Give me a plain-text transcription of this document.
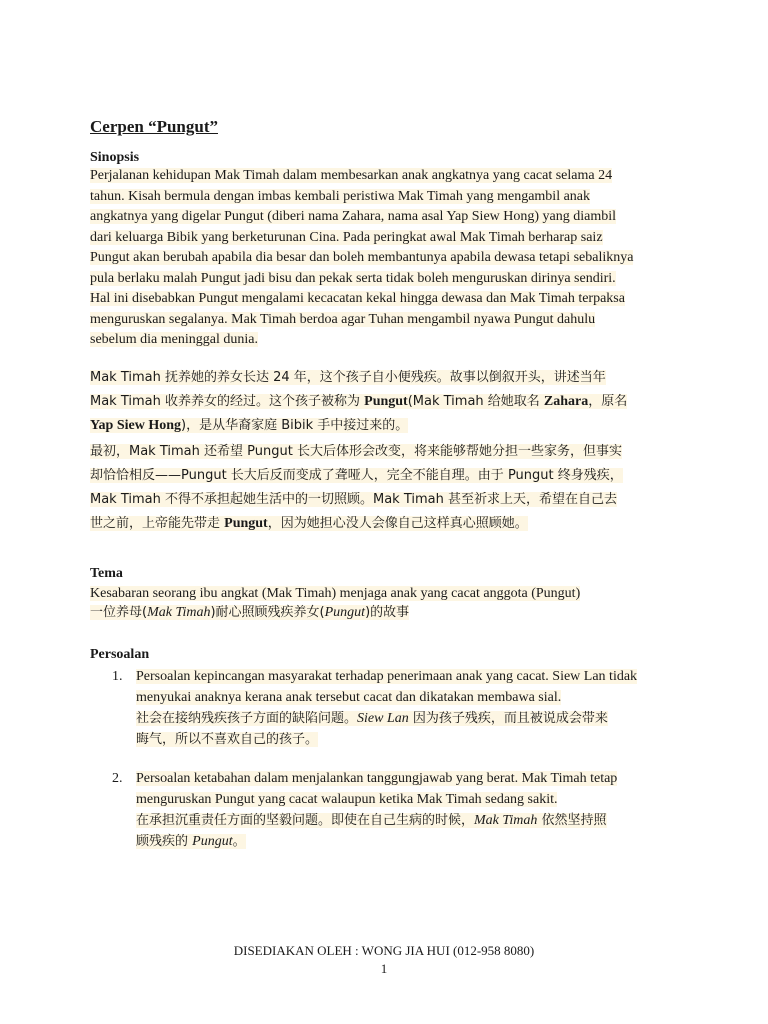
Cerpen “Pungut”
Sinopsis
Perjalanan kehidupan Mak Timah dalam membesarkan anak angkatnya yang cacat selama 24
tahun. Kisah bermula dengan imbas kembali peristiwa Mak Timah yang mengambil anak
angkatnya yang digelar Pungut (diberi nama Zahara, nama asal Yap Siew Hong) yang diambil
dari keluarga Bibik yang berketurunan Cina. Pada peringkat awal Mak Timah berharap saiz
Pungut akan berubah apabila dia besar dan boleh membantunya apabila dewasa tetapi sebaliknya
pula berlaku malah Pungut jadi bisu dan pekak serta tidak boleh menguruskan dirinya sendiri.
Hal ini disebabkan Pungut mengalami kecacatan kekal hingga dewasa dan Mak Timah terpaksa
menguruskan segalanya. Mak Timah berdoa agar Tuhan mengambil nyawa Pungut dahulu
sebelum dia meninggal dunia.
Mak Timah 抚养她的养女长达 24 年，这个孩子自小便残疾。故事以倒叙开头，讲述当年
Mak Timah 收养养女的经过。这个孩子被称为 Pungut(Mak Timah 给她取名 Zahara，原名
Yap Siew Hong)，是从华裔家庭 Bibik 手中接过来的。
最初，Mak Timah 还希望 Pungut 长大后体形会改变，将来能够帮她分担一些家务，但事实
却恰恰相反——Pungut 长大后反而变成了聋哑人，完全不能自理。由于 Pungut 终身残疾，
Mak Timah 不得不承担起她生活中的一切照顾。Mak Timah 甚至祈求上天，希望在自己去
世之前，上帝能先带走 Pungut，因为她担心没人会像自己这样真心照顾她。
Tema
Kesabaran seorang ibu angkat (Mak Timah) menjaga anak yang cacat anggota (Pungut)
一位养母(Mak Timah)耐心照顾残疾养女(Pungut)的故事
Persoalan
1. Persoalan kepincangan masyarakat terhadap penerimaan anak yang cacat. Siew Lan tidak
menyukai anaknya kerana anak tersebut cacat dan dikatakan membawa sial.
社会在接纳残疾孩子方面的缺陷问题。Siew Lan 因为孩子残疾，而且被说成会带来
晦气，所以不喜欢自己的孩子。
2. Persoalan ketabahan dalam menjalankan tanggungjawab yang berat. Mak Timah tetap
menguruskan Pungut yang cacat walaupun ketika Mak Timah sedang sakit.
在承担沉重责任方面的坚毅问题。即使在自己生病的时候，Mak Timah 依然坚持照
顾残疾的 Pungut。
DISEDIAKAN OLEH : WONG JIA HUI (012-958 8080)
1
